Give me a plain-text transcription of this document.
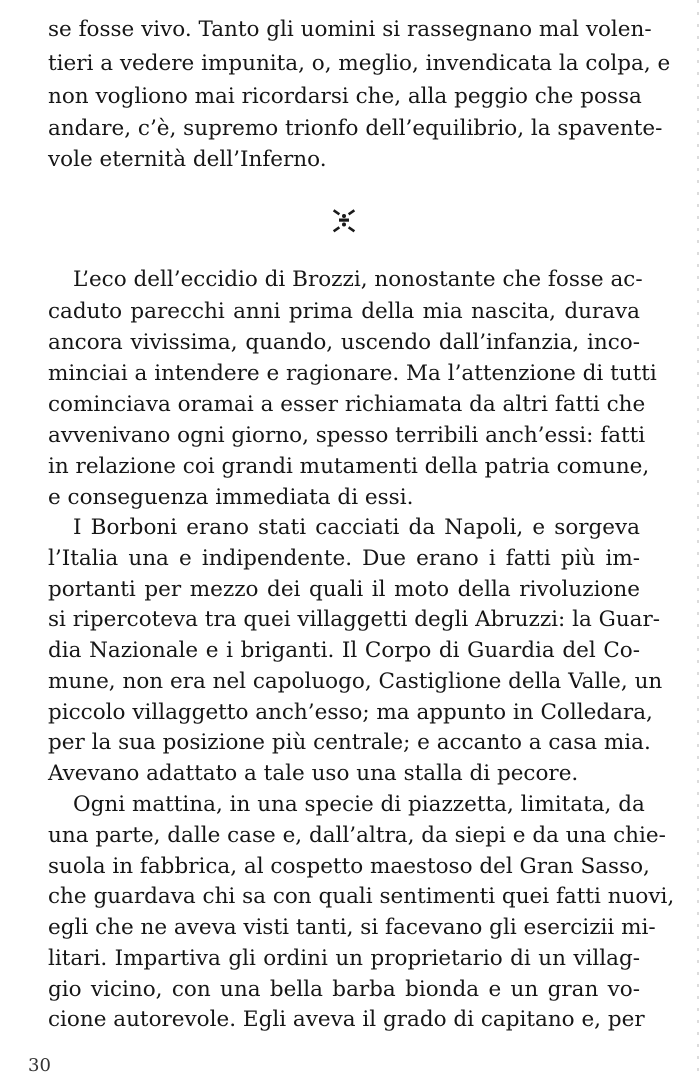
se fosse vivo. Tanto gli uomini si rassegnano mal volen-
tieri a vedere impunita, o, meglio, invendicata la colpa, e
non vogliono mai ricordarsi che, alla peggio che possa
andare, c’è, supremo trionfo dell’equilibrio, la spavente-
vole eternità dell’Inferno.
L’eco dell’eccidio di Brozzi, nonostante che fosse ac-
caduto parecchi anni prima della mia nascita, durava
ancora vivissima, quando, uscendo dall’infanzia, inco-
minciai a intendere e ragionare. Ma l’attenzione di tutti
cominciava oramai a esser richiamata da altri fatti che
avvenivano ogni giorno, spesso terribili anch’essi: fatti
in relazione coi grandi mutamenti della patria comune,
e conseguenza immediata di essi.
I Borboni erano stati cacciati da Napoli, e sorgeva
l’Italia una e indipendente. Due erano i fatti più im-
portanti per mezzo dei quali il moto della rivoluzione
si ripercoteva tra quei villaggetti degli Abruzzi: la Guar-
dia Nazionale e i briganti. Il Corpo di Guardia del Co-
mune, non era nel capoluogo, Castiglione della Valle, un
piccolo villaggetto anch’esso; ma appunto in Colledara,
per la sua posizione più centrale; e accanto a casa mia.
Avevano adattato a tale uso una stalla di pecore.
Ogni mattina, in una specie di piazzetta, limitata, da
una parte, dalle case e, dall’altra, da siepi e da una chie-
suola in fabbrica, al cospetto maestoso del Gran Sasso,
che guardava chi sa con quali sentimenti quei fatti nuovi,
egli che ne aveva visti tanti, si facevano gli esercizii mi-
litari. Impartiva gli ordini un proprietario di un villag-
gio vicino, con una bella barba bionda e un gran vo-
cione autorevole. Egli aveva il grado di capitano e, per
30
